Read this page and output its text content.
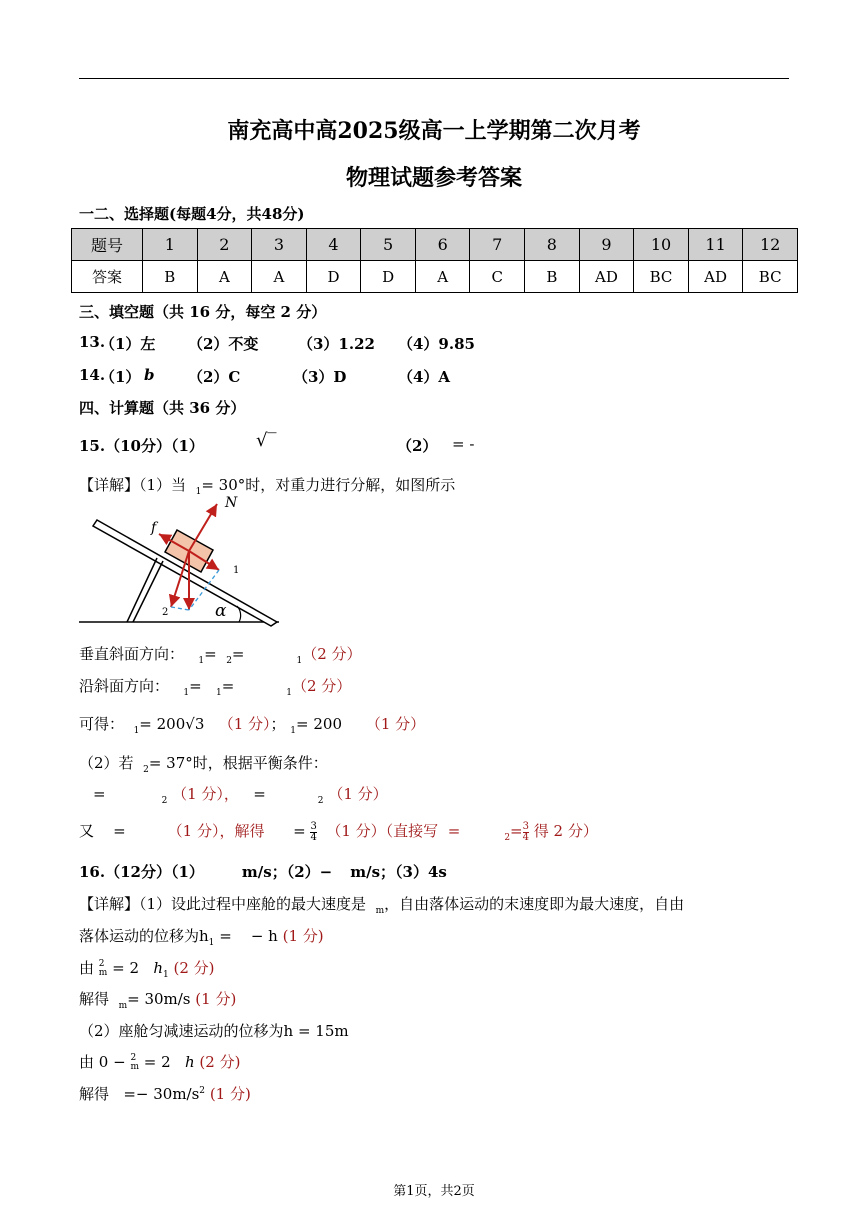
南充高中高2025级高一上学期第二次月考
物理试题参考答案
一二、选择题(每题4分，共48分)
题号	1	2	3	4	5	6	7	8	9	10	11	12
答案	B	A	A	D	D	A	C	B	AD	BC	AD	BC
三、填空题（共 16 分，每空 2 分）
13.
（1）左 （2）不变	（3）1.22 （4）9.85
14.
（1） b （2）C	（3）D	（4）A
四、计算题（共 36 分）
15.（10分）（1）	√‾	（2） = -
【详解】（1）当 $_1$= 30°时，对重力进行分解，如图所示
N
f
1
2	α
垂直斜面方向： $_1$= $_2$=	$_1$（2 分）
沿斜面方向： $_1$= $_1$=	$_1$（2 分）
可得： $_1$= 200√3 （1 分）； $_1$= 200 （1 分）
（2）若 $_2$= 37°时，根据平衡条件：
=	$_2$ （1 分）， =	$_2$ （1 分）
又 =	（1 分），解得 = $\frac{3}{4} (1$ 分）（直接写 =	$_2= \frac{3}{4}$ 得 2 分）
16.（12分）（1）	m/s；（2）− m/s；（3）4s
【详解】（1）设此过程中座舱的最大速度是 $_m$，自由落体运动的末速度即为最大速度，自由
落体运动的位移为$h_1$ = − h (1 分)
由 2
m = 2 $h_1$ (2 分)
解得 $_m$= 30m/s (1 分)
（2）座舱匀减速运动的位移为h = 15m
由 0 − 2
m = 2 h (2 分)
解得 =− $30m/s^2$ (1 分)
第1页，共2页
